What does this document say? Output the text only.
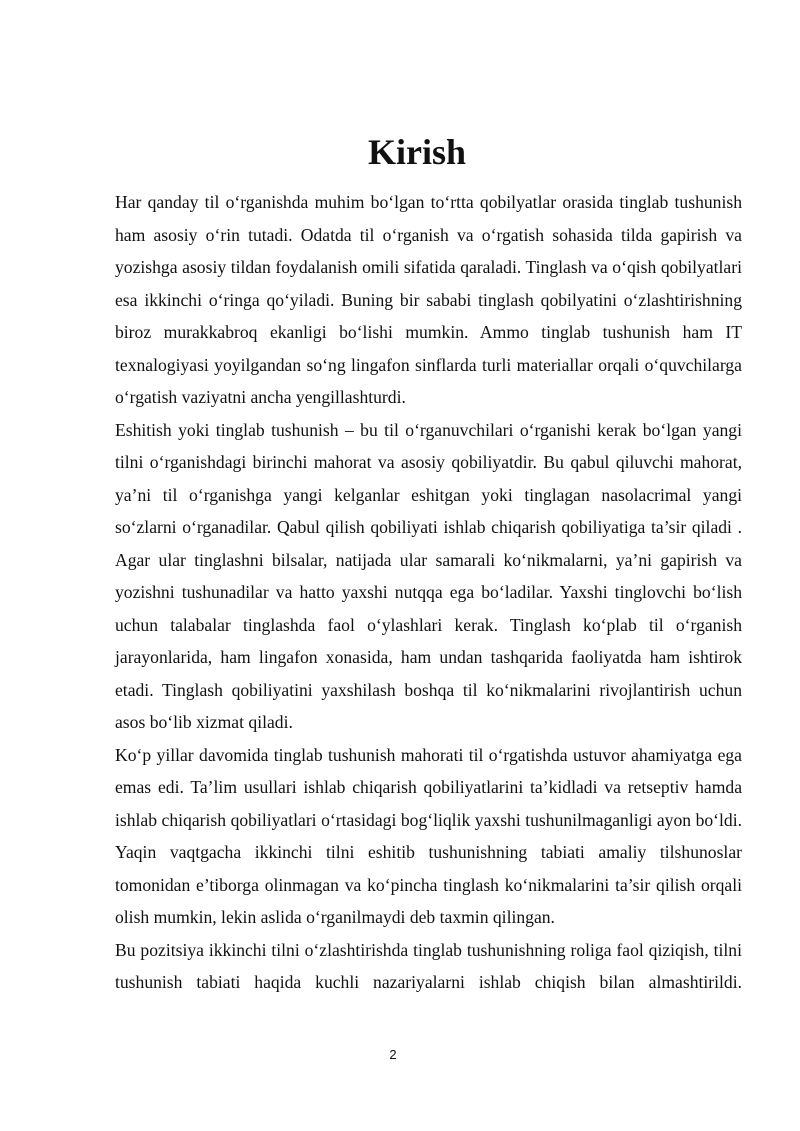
Kirish

Har qanday til o‘rganishda muhim bo‘lgan to‘rtta qobilyatlar orasida tinglab tushunish ham asosiy o‘rin tutadi. Odatda til o‘rganish va o‘rgatish sohasida tilda gapirish va yozishga asosiy tildan foydalanish omili sifatida qaraladi. Tinglash va o‘qish qobilyatlari esa ikkinchi o‘ringa qo‘yiladi. Buning bir sababi tinglash qobilyatini o‘zlashtirishning biroz murakkabroq ekanligi bo‘lishi mumkin. Ammo tinglab tushunish ham IT texnalogiyasi yoyilgandan so‘ng lingafon sinflarda turli materiallar orqali o‘quvchilarga o‘rgatish vaziyatni ancha yengillashturdi.

Eshitish yoki tinglab tushunish – bu til o‘rganuvchilari o‘rganishi kerak bo‘lgan yangi tilni o‘rganishdagi birinchi mahorat va asosiy qobiliyatdir. Bu qabul qiluvchi mahorat, ya’ni til o‘rganishga yangi kelganlar eshitgan yoki tinglagan nasolacrimal yangi so‘zlarni o‘rganadilar. Qabul qilish qobiliyati ishlab chiqarish qobiliyatiga ta’sir qiladi . Agar ular tinglashni bilsalar, natijada ular samarali ko‘nikmalarni, ya’ni gapirish va yozishni tushunadilar va hatto yaxshi nutqqa ega bo‘ladilar. Yaxshi tinglovchi bo‘lish uchun talabalar tinglashda faol o‘ylashlari kerak. Tinglash ko‘plab til o‘rganish jarayonlarida, ham lingafon xonasida, ham undan tashqarida faoliyatda ham ishtirok etadi. Tinglash qobiliyatini yaxshilash boshqa til ko‘nikmalarini rivojlantirish uchun asos bo‘lib xizmat qiladi.

Ko‘p yillar davomida tinglab tushunish mahorati til o‘rgatishda ustuvor ahamiyatga ega emas edi. Ta’lim usullari ishlab chiqarish qobiliyatlarini ta’kidladi va retseptiv hamda ishlab chiqarish qobiliyatlari o‘rtasidagi bog‘liqlik yaxshi tushunilmaganligi ayon bo‘ldi. Yaqin vaqtgacha ikkinchi tilni eshitib tushunishning tabiati amaliy tilshunoslar tomonidan e’tiborga olinmagan va ko‘pincha tinglash ko‘nikmalarini ta’sir qilish orqali olish mumkin, lekin aslida o‘rganilmaydi deb taxmin qilingan.

Bu pozitsiya ikkinchi tilni o‘zlashtirishda tinglab tushunishning roliga faol qiziqish, tilni tushunish tabiati haqida kuchli nazariyalarni ishlab chiqish bilan almashtirildi.

2
